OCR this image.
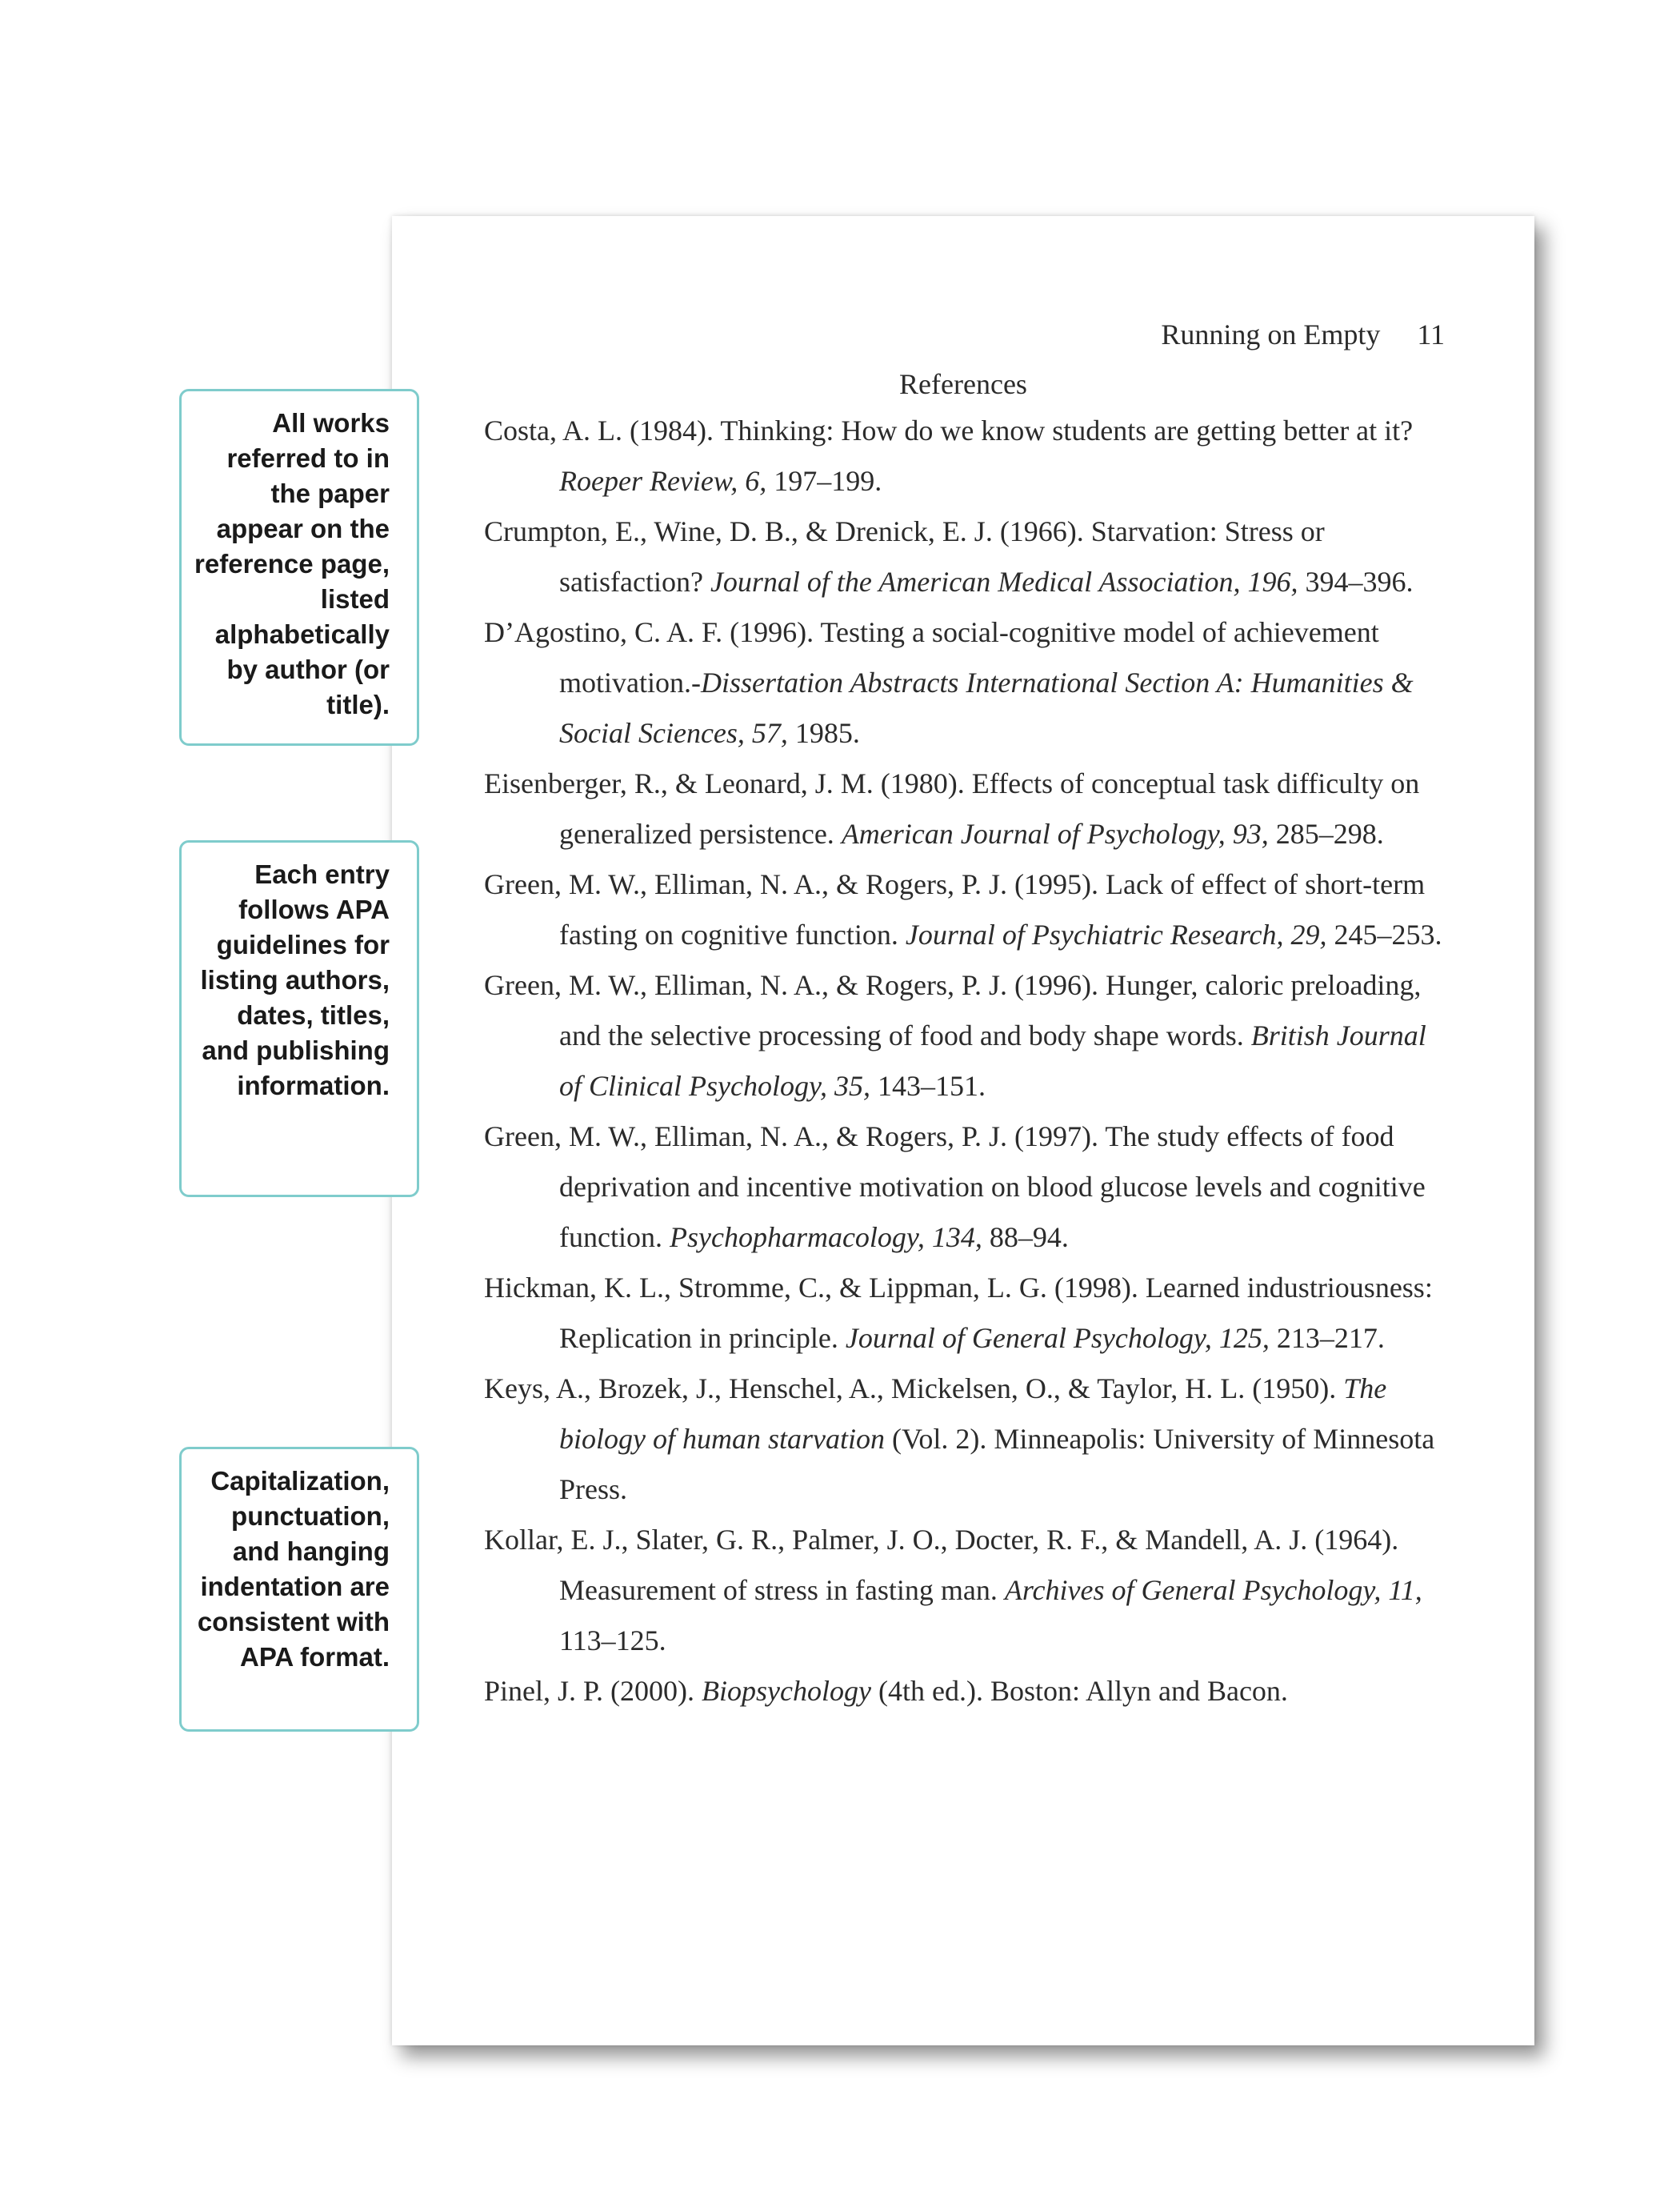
Running on Empty 11
References
Costa, A. L. (1984). Thinking: How do we know students are getting better at it? Roeper Review, 6, 197–199.
Crumpton, E., Wine, D. B., & Drenick, E. J. (1966). Starvation: Stress or satisfaction? Journal of the American Medical Association, 196, 394–396.
D’Agostino, C. A. F. (1996). Testing a social-cognitive model of achievement motivation.-Dissertation Abstracts International Section A: Humanities & Social Sciences, 57, 1985.
Eisenberger, R., & Leonard, J. M. (1980). Effects of conceptual task difficulty on generalized persistence. American Journal of Psychology, 93, 285–298.
Green, M. W., Elliman, N. A., & Rogers, P. J. (1995). Lack of effect of short-term fasting on cognitive function. Journal of Psychiatric Research, 29, 245–253.
Green, M. W., Elliman, N. A., & Rogers, P. J. (1996). Hunger, caloric preloading, and the selective processing of food and body shape words. British Journal of Clinical Psychology, 35, 143–151.
Green, M. W., Elliman, N. A., & Rogers, P. J. (1997). The study effects of food deprivation and incentive motivation on blood glucose levels and cognitive function. Psychopharmacology, 134, 88–94.
Hickman, K. L., Stromme, C., & Lippman, L. G. (1998). Learned industriousness: Replication in principle. Journal of General Psychology, 125, 213–217.
Keys, A., Brozek, J., Henschel, A., Mickelsen, O., & Taylor, H. L. (1950). The biology of human starvation (Vol. 2). Minneapolis: University of Minnesota Press.
Kollar, E. J., Slater, G. R., Palmer, J. O., Docter, R. F., & Mandell, A. J. (1964). Measurement of stress in fasting man. Archives of General Psychology, 11, 113–125.
Pinel, J. P. (2000). Biopsychology (4th ed.). Boston: Allyn and Bacon.
All works referred to in the paper appear on the reference page, listed alphabetically by author (or title).
Each entry follows APA guidelines for listing authors, dates, titles, and publishing information.
Capitalization, punctuation, and hanging indentation are consistent with APA format.
